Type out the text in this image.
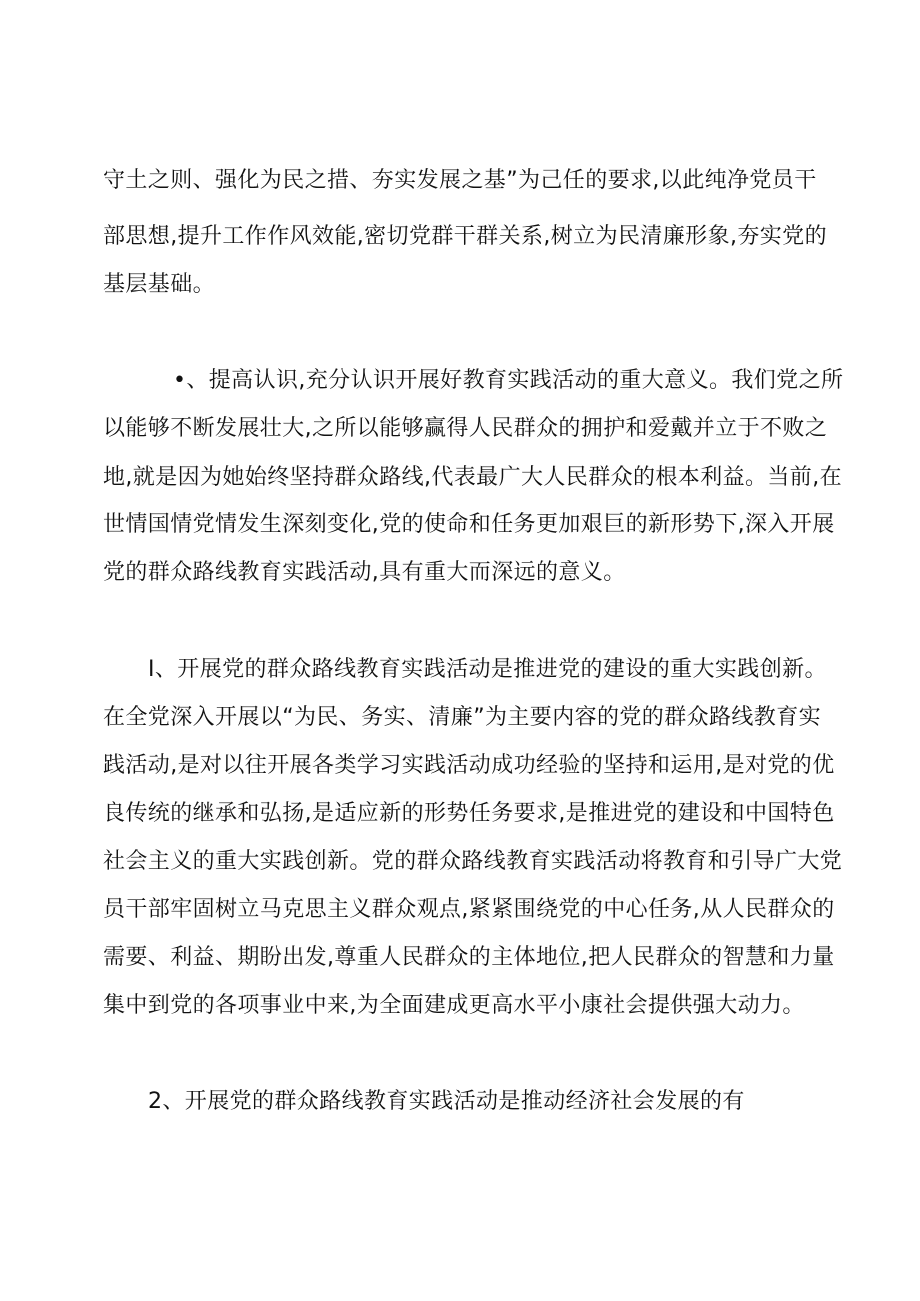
守土之则、强化为民之措、夯实发展之基”为己任的要求,以此纯净党员干

部思想,提升工作作风效能,密切党群干群关系,树立为民清廉形象,夯实党的

基层基础。

•、提高认识,充分认识开展好教育实践活动的重大意义。我们党之所

以能够不断发展壮大,之所以能够赢得人民群众的拥护和爱戴并立于不败之

地,就是因为她始终坚持群众路线,代表最广大人民群众的根本利益。当前,在

世情国情党情发生深刻变化,党的使命和任务更加艰巨的新形势下,深入开展

党的群众路线教育实践活动,具有重大而深远的意义。

I、开展党的群众路线教育实践活动是推进党的建设的重大实践创新。

在全党深入开展以“为民、务实、清廉”为主要内容的党的群众路线教育实

践活动,是对以往开展各类学习实践活动成功经验的坚持和运用,是对党的优

良传统的继承和弘扬,是适应新的形势任务要求,是推进党的建设和中国特色

社会主义的重大实践创新。党的群众路线教育实践活动将教育和引导广大党

员干部牢固树立马克思主义群众观点,紧紧围绕党的中心任务,从人民群众的

需要、利益、期盼出发,尊重人民群众的主体地位,把人民群众的智慧和力量

集中到党的各项事业中来,为全面建成更高水平小康社会提供强大动力。

2、开展党的群众路线教育实践活动是推动经济社会发展的有
